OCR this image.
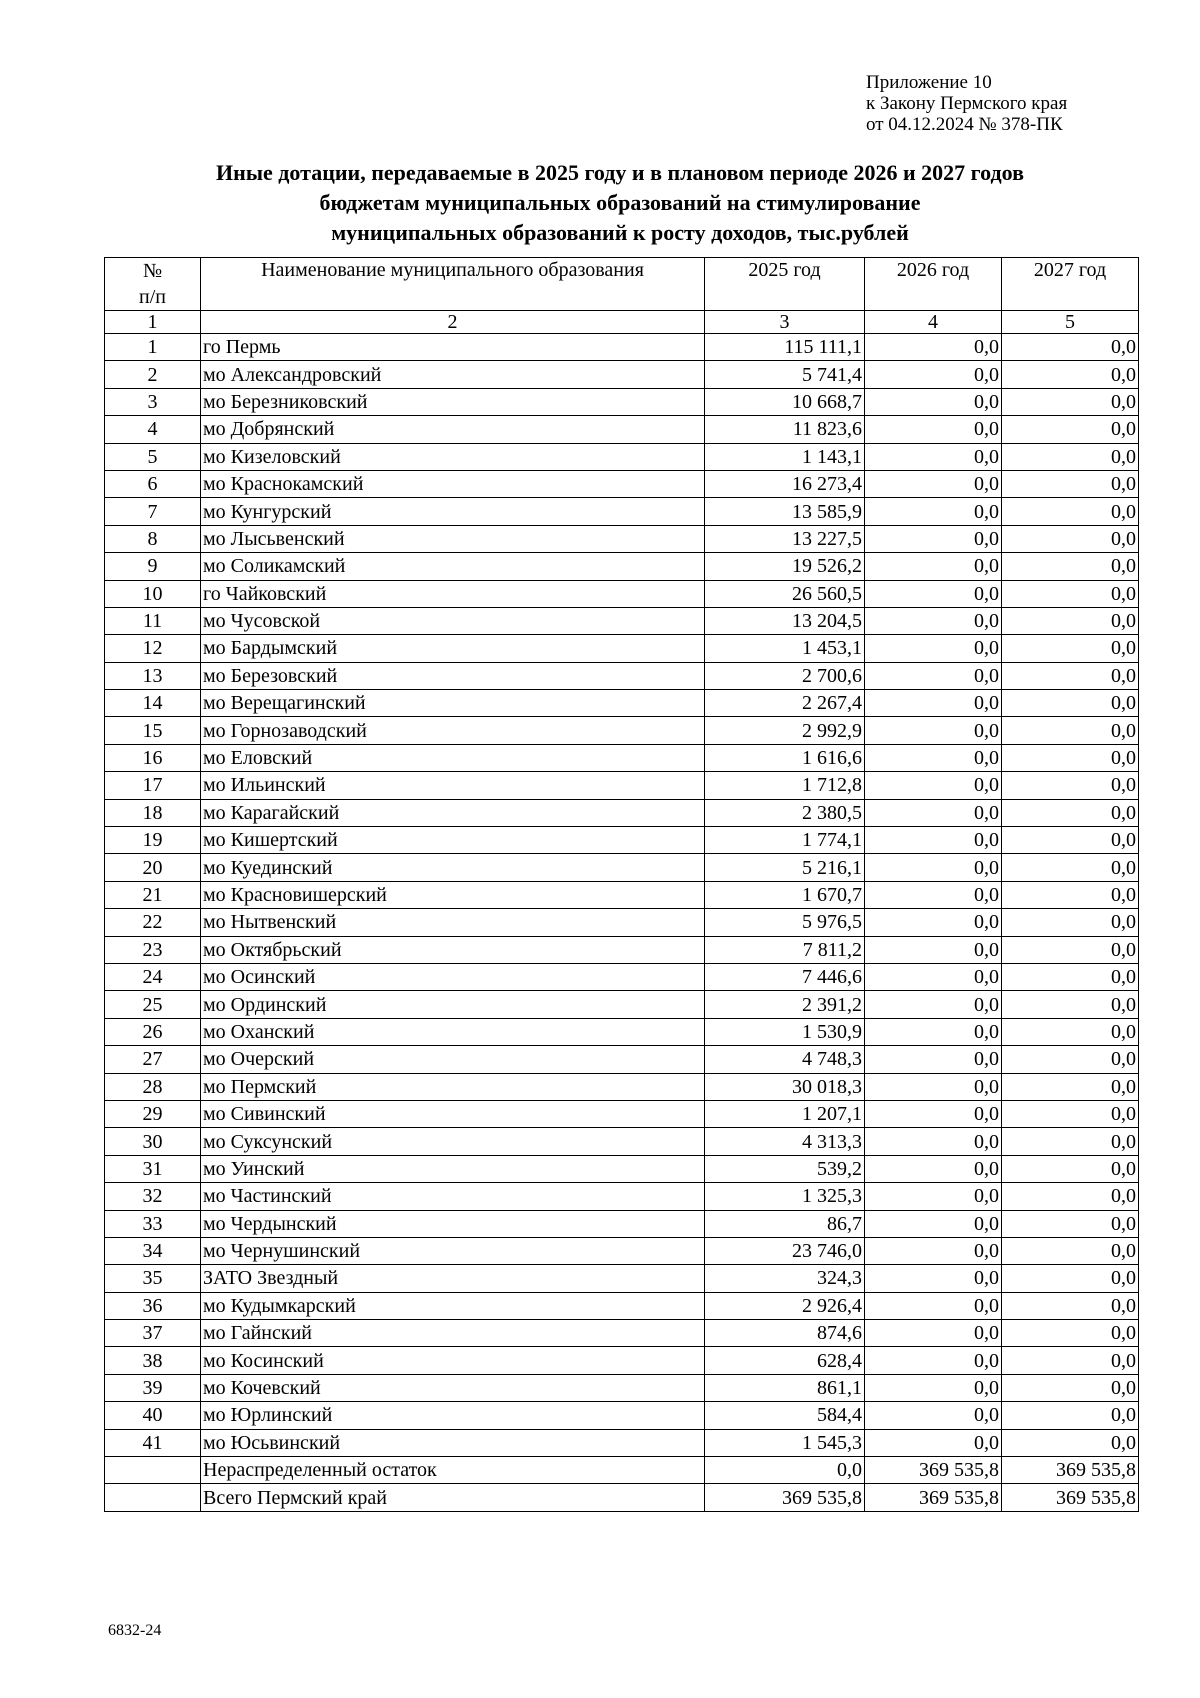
Приложение 10
к Закону Пермского края
от 04.12.2024 № 378-ПК
Иные дотации, передаваемые в 2025 году и в плановом периоде 2026 и 2027 годов
бюджетам муниципальных образований на стимулирование
муниципальных образований к росту доходов, тыс.рублей
№ п/п	Наименование муниципального образования	2025 год	2026 год	2027 год
1	2	3	4	5
1	го Пермь	115 111,1	0,0	0,0
2	мо Александровский	5 741,4	0,0	0,0
3	мо Березниковский	10 668,7	0,0	0,0
4	мо Добрянский	11 823,6	0,0	0,0
5	мо Кизеловский	1 143,1	0,0	0,0
6	мо Краснокамский	16 273,4	0,0	0,0
7	мо Кунгурский	13 585,9	0,0	0,0
8	мо Лысьвенский	13 227,5	0,0	0,0
9	мо Соликамский	19 526,2	0,0	0,0
10	го Чайковский	26 560,5	0,0	0,0
11	мо Чусовской	13 204,5	0,0	0,0
12	мо Бардымский	1 453,1	0,0	0,0
13	мо Березовский	2 700,6	0,0	0,0
14	мо Верещагинский	2 267,4	0,0	0,0
15	мо Горнозаводский	2 992,9	0,0	0,0
16	мо Еловский	1 616,6	0,0	0,0
17	мо Ильинский	1 712,8	0,0	0,0
18	мо Карагайский	2 380,5	0,0	0,0
19	мо Кишертский	1 774,1	0,0	0,0
20	мо Куединский	5 216,1	0,0	0,0
21	мо Красновишерский	1 670,7	0,0	0,0
22	мо Нытвенский	5 976,5	0,0	0,0
23	мо Октябрьский	7 811,2	0,0	0,0
24	мо Осинский	7 446,6	0,0	0,0
25	мо Ординский	2 391,2	0,0	0,0
26	мо Оханский	1 530,9	0,0	0,0
27	мо Очерский	4 748,3	0,0	0,0
28	мо Пермский	30 018,3	0,0	0,0
29	мо Сивинский	1 207,1	0,0	0,0
30	мо Суксунский	4 313,3	0,0	0,0
31	мо Уинский	539,2	0,0	0,0
32	мо Частинский	1 325,3	0,0	0,0
33	мо Чердынский	86,7	0,0	0,0
34	мо Чернушинский	23 746,0	0,0	0,0
35	ЗАТО Звездный	324,3	0,0	0,0
36	мо Кудымкарский	2 926,4	0,0	0,0
37	мо Гайнский	874,6	0,0	0,0
38	мо Косинский	628,4	0,0	0,0
39	мо Кочевский	861,1	0,0	0,0
40	мо Юрлинский	584,4	0,0	0,0
41	мо Юсьвинский	1 545,3	0,0	0,0
	Нераспределенный остаток	0,0	369 535,8	369 535,8
	Всего Пермский край	369 535,8	369 535,8	369 535,8
6832-24
